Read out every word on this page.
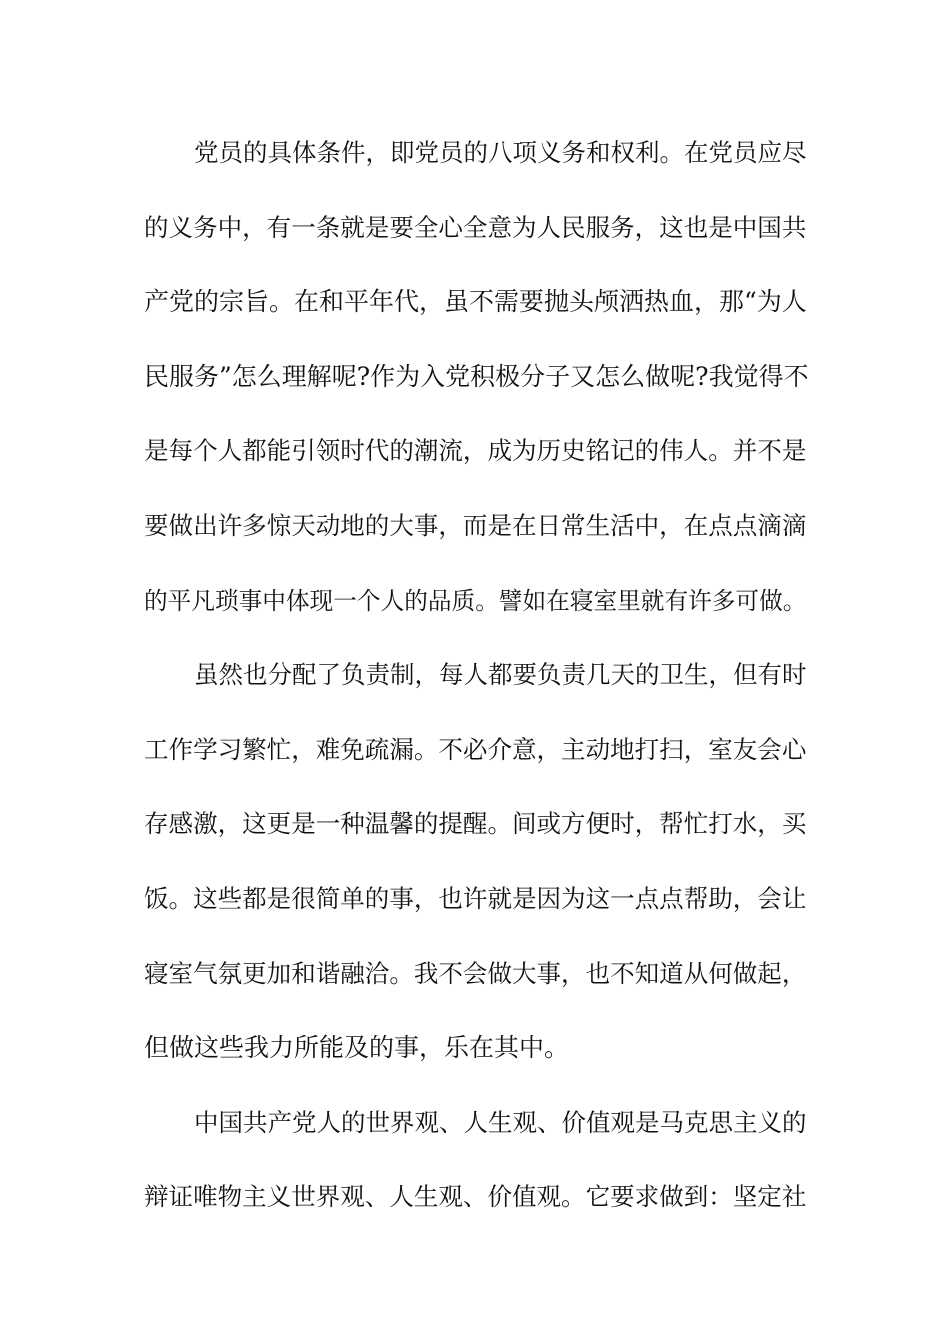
党员的具体条件，即党员的八项义务和权利。在党员应尽
的义务中，有一条就是要全心全意为人民服务，这也是中国共
产党的宗旨。在和平年代，虽不需要抛头颅洒热血，那“为人
民服务”怎么理解呢?作为入党积极分子又怎么做呢?我觉得不
是每个人都能引领时代的潮流，成为历史铭记的伟人。并不是
要做出许多惊天动地的大事，而是在日常生活中，在点点滴滴
的平凡琐事中体现一个人的品质。譬如在寝室里就有许多可做。
虽然也分配了负责制，每人都要负责几天的卫生，但有时
工作学习繁忙，难免疏漏。不必介意，主动地打扫，室友会心
存感激，这更是一种温馨的提醒。间或方便时，帮忙打水，买
饭。这些都是很简单的事，也许就是因为这一点点帮助，会让
寝室气氛更加和谐融洽。我不会做大事，也不知道从何做起，
但做这些我力所能及的事，乐在其中。
中国共产党人的世界观、人生观、价值观是马克思主义的
辩证唯物主义世界观、人生观、价值观。它要求做到：坚定社
